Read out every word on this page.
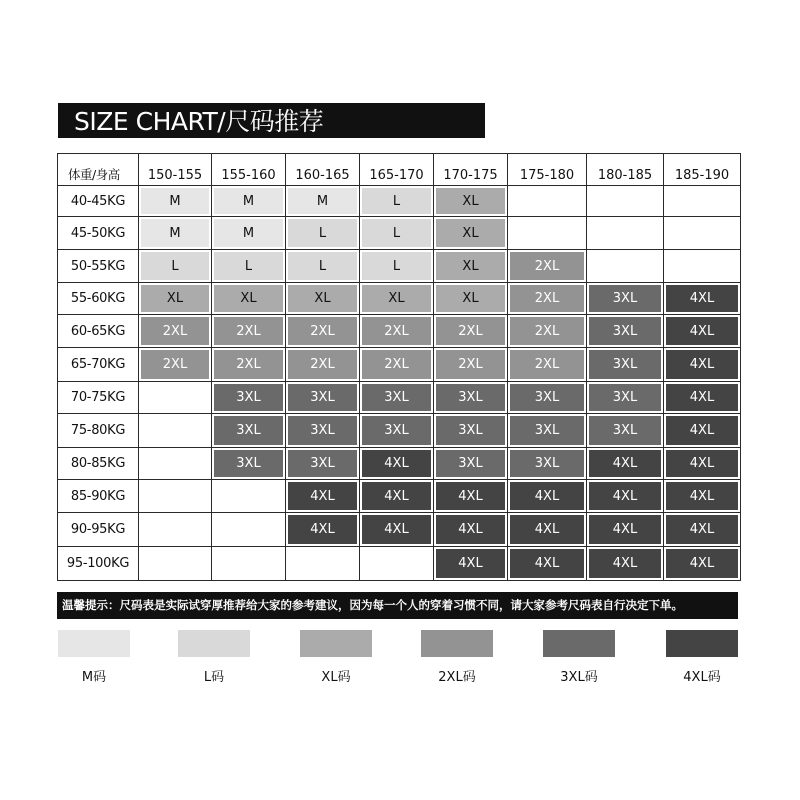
SIZE CHART/尺码推荐
体重/身高	150-155	155-160	160-165	165-170	170-175	175-180	180-185	185-190
40-45KG	M	M	M	L	XL			
45-50KG	M	M	L	L	XL			
50-55KG	L	L	L	L	XL	2XL		
55-60KG	XL	XL	XL	XL	XL	2XL	3XL	4XL
60-65KG	2XL	2XL	2XL	2XL	2XL	2XL	3XL	4XL
65-70KG	2XL	2XL	2XL	2XL	2XL	2XL	3XL	4XL
70-75KG		3XL	3XL	3XL	3XL	3XL	3XL	4XL
75-80KG		3XL	3XL	3XL	3XL	3XL	3XL	4XL
80-85KG		3XL	3XL	4XL	3XL	3XL	4XL	4XL
85-90KG			4XL	4XL	4XL	4XL	4XL	4XL
90-95KG			4XL	4XL	4XL	4XL	4XL	4XL
95-100KG					4XL	4XL	4XL	4XL
温馨提示：尺码表是实际试穿厚推荐给大家的参考建议，因为每一个人的穿着习惯不同，请大家参考尺码表自行决定下单。
M码	L码	XL码	2XL码	3XL码	4XL码
